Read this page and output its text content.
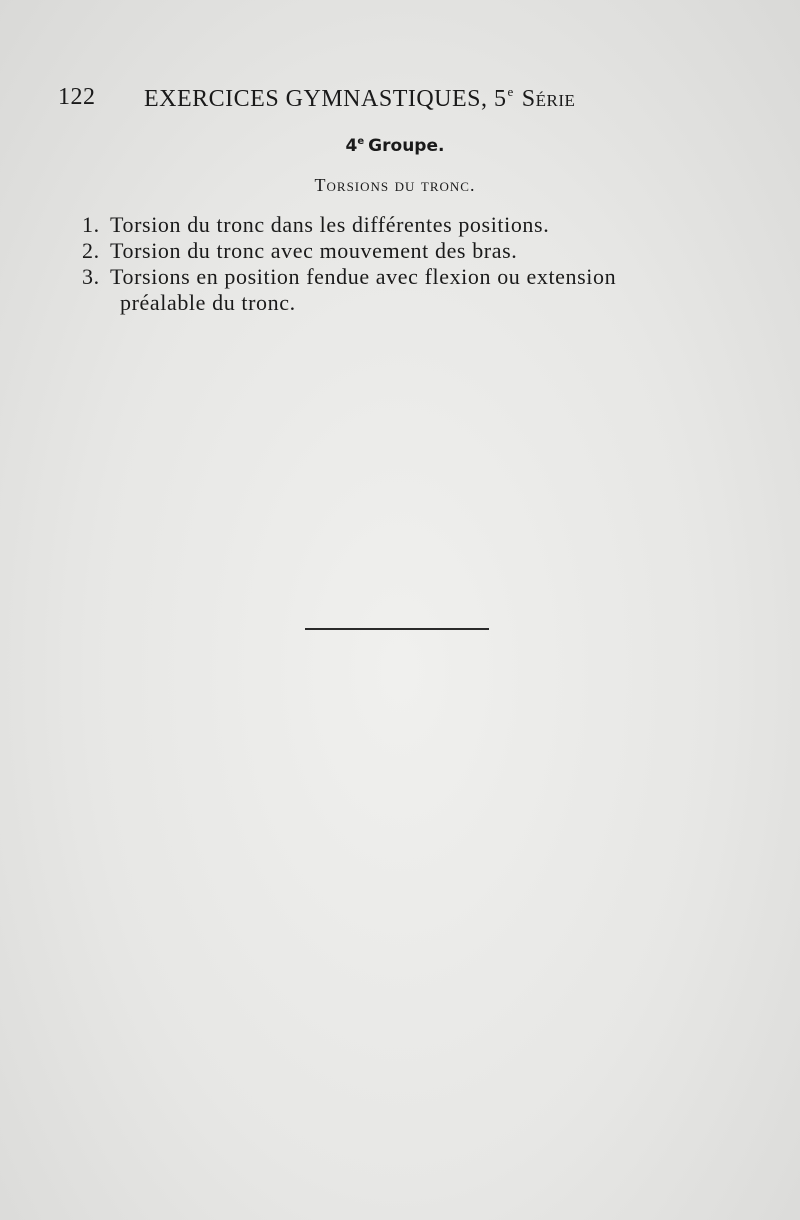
122 EXERCICES GYMNASTIQUES, 5e Série
4e Groupe.
Torsions du tronc.
1. Torsion du tronc dans les différentes positions.
2. Torsion du tronc avec mouvement des bras.
3. Torsions en position fendue avec flexion ou extension
préalable du tronc.
